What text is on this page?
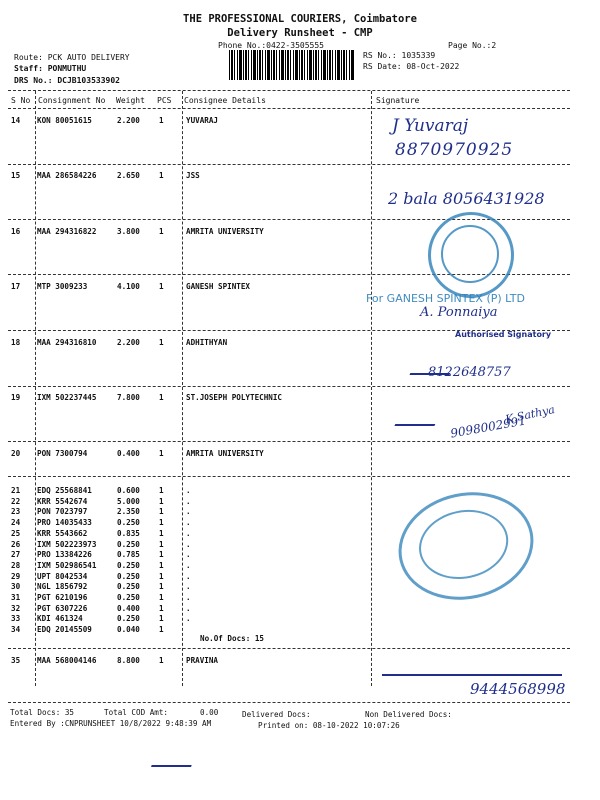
THE PROFESSIONAL COURIERS, Coimbatore
Delivery Runsheet - CMP
Phone No.:0422-3505555	Page No.:2
Route: PCK AUTO DELIVERY
Staff: PONMUTHU
DRS No.: DCJB103533902
RS No.: 1035339
RS Date: 08-Oct-2022
S No Consignment No Weight PCS Consignee Details	Signature
14 KON 80051615	2.200	1	YUVARAJ
15 MAA 286584226	2.650	1	JSS
16 MAA 294316822	3.800	1	AMRITA UNIVERSITY
17 MTP 3009233	4.100	1	GANESH SPINTEX
18 MAA 294316810	2.200	1	ADHITHYAN
19 IXM 502237445	7.800	1	ST.JOSEPH POLYTECHNIC
20 PON 7300794	0.400	1	AMRITA UNIVERSITY
21 EDQ 25568841	0.600	1	.
22 KRR 5542674	5.000	1	.
23 PON 7023797	2.350	1	.
24 PRO 14035433	0.250	1	.
25 KRR 5543662	0.835	1	.
26 IXM 502223973	0.250	1	.
27 PRO 13384226	0.785	1	.
28 IXM 502986541	0.250	1	.
29 UPT 8042534	0.250	1	.
30 NGL 1856792	0.250	1	.
31 PGT 6210196	0.250	1	.
32 PGT 6307226	0.400	1	.
33 KDI 461324	0.250	1	.
34 EDQ 20145509	0.040	1
No.Of Docs: 15
35 MAA 568004146	8.800	1	PRAVINA
Total Docs: 35	Total COD Amt:	0.00	Delivered Docs:	Non Delivered Docs:
Entered By :CNPRUNSHEET 10/8/2022 9:48:39 AM	Printed on: 08-10-2022 10:07:26
J Yuvaraj
8870970925
2 bala 8056431928
For GANESH SPINTEX (P) LTD
A. Ponnaiya
Authorised Signatory
8122648757
9098002991
K.Sathya
9444568998
